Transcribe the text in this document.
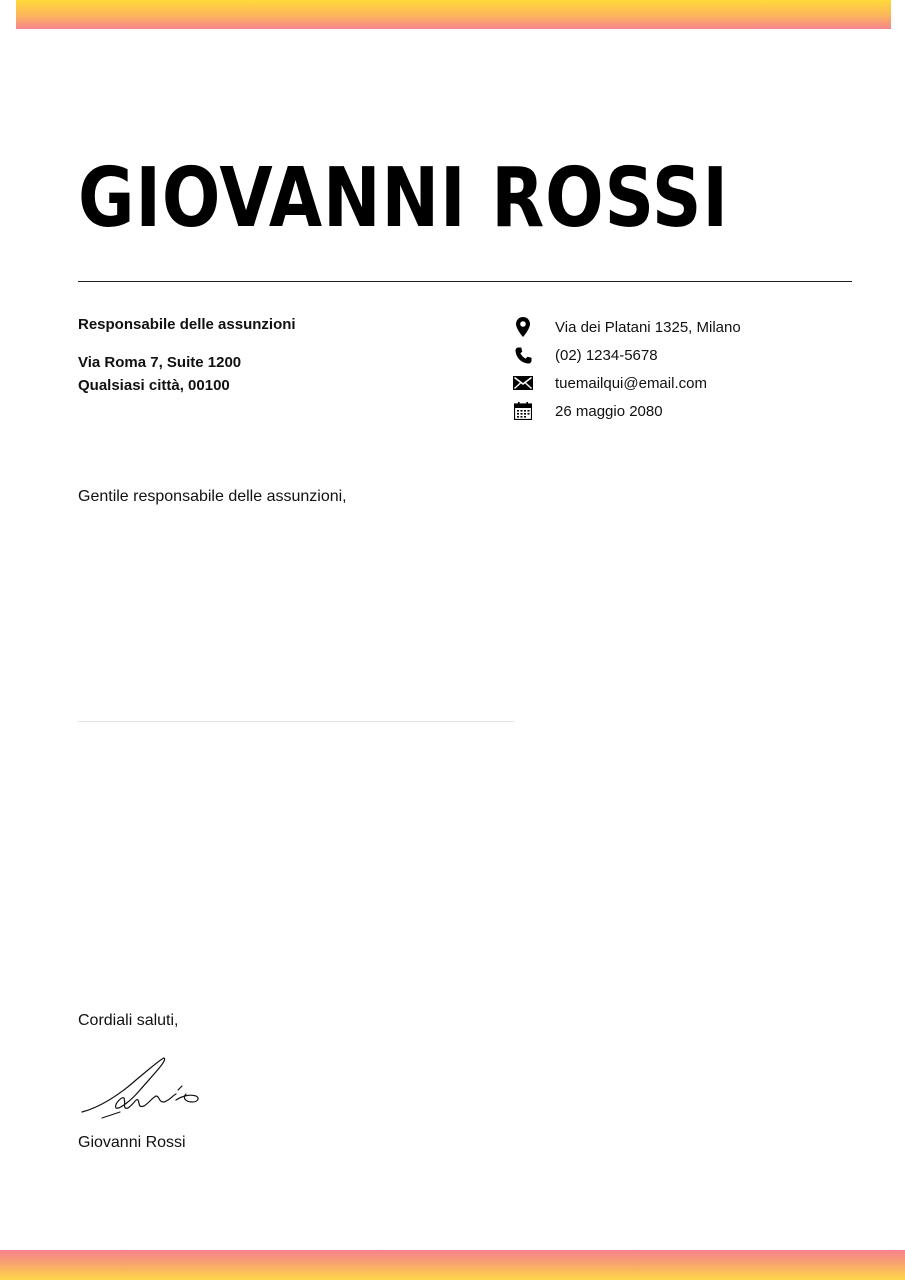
GIOVANNI ROSSI

Responsabile delle assunzioni

Via Roma 7, Suite 1200

Qualsiasi città, 00100

Via dei Platani 1325, Milano
(02) 1234-5678
tuemailqui@email.com
26 maggio 2080

Gentile responsabile delle assunzioni,

Cordiali saluti,

Giovanni Rossi
